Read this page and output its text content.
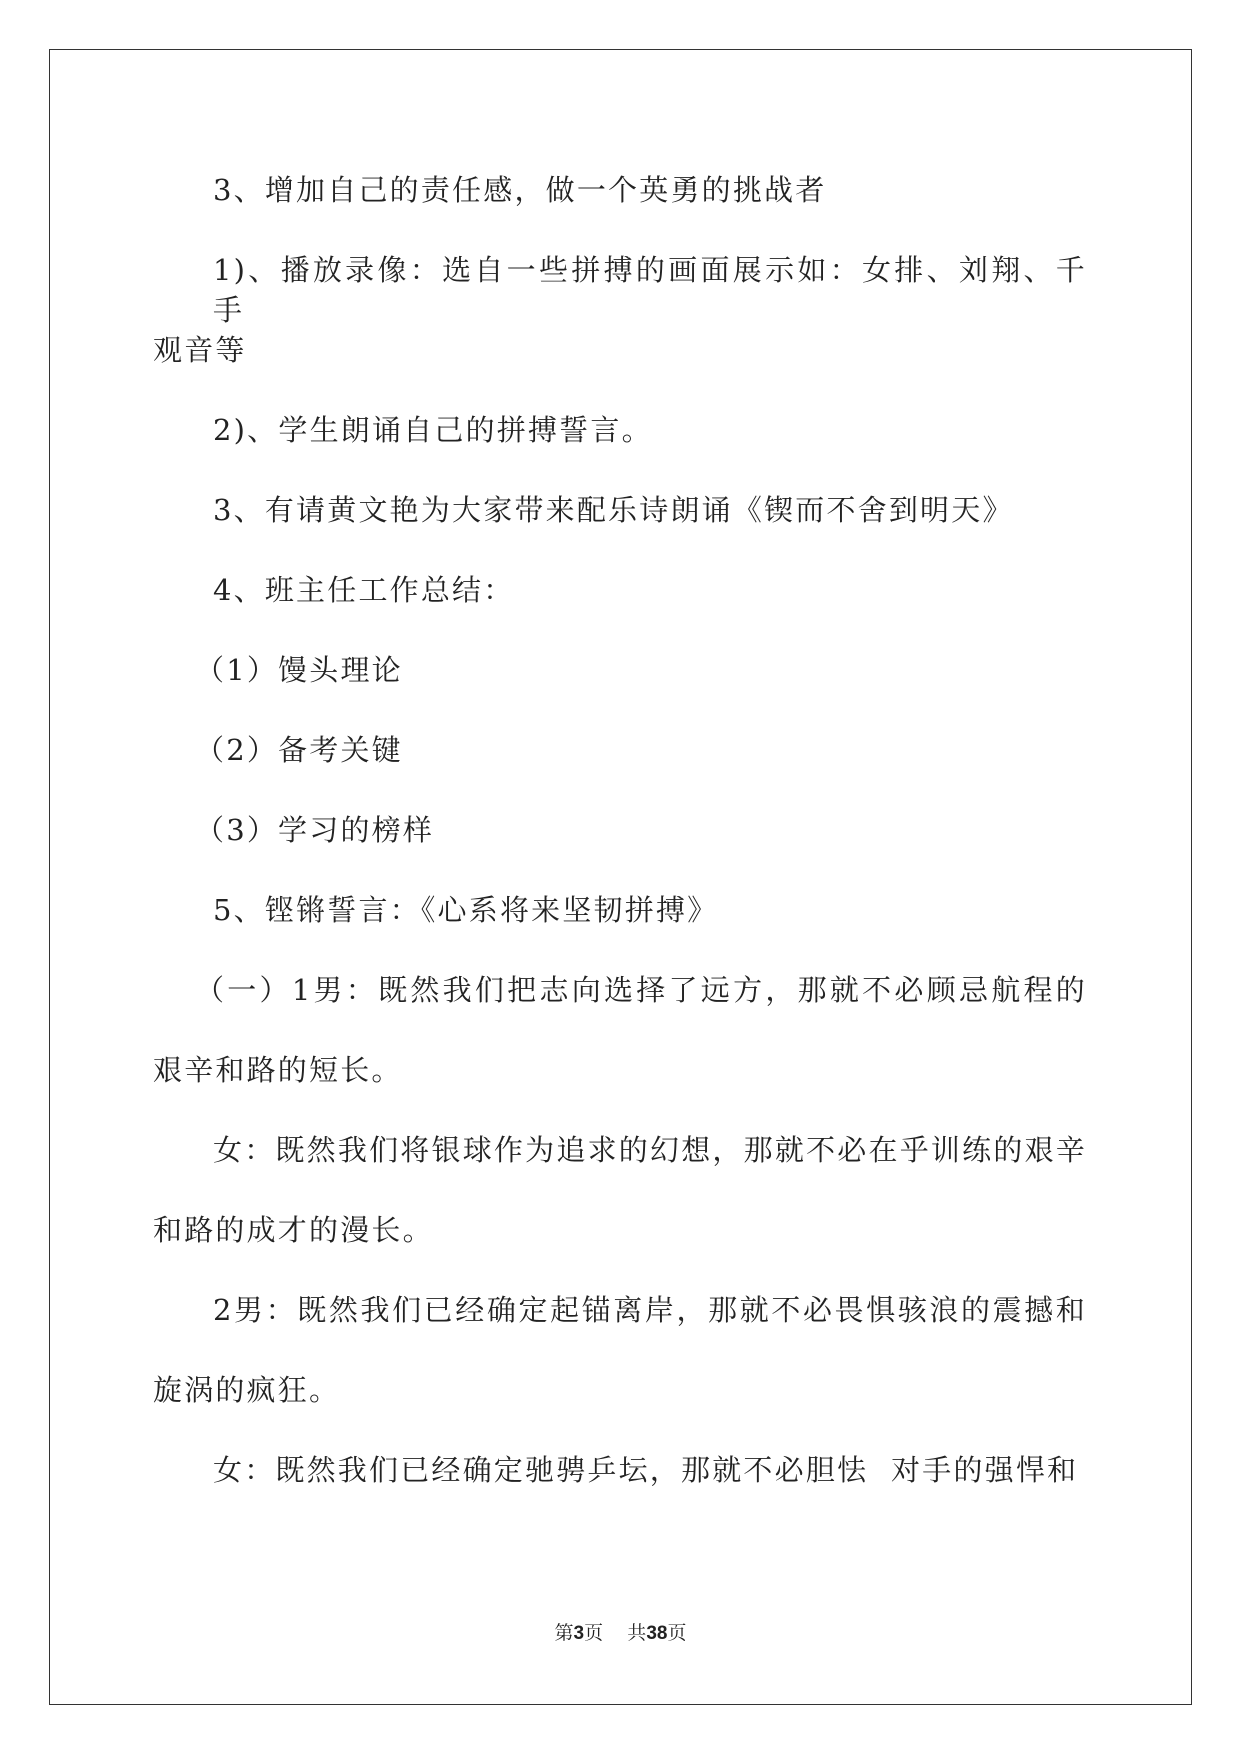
3、增加自己的责任感，做一个英勇的挑战者
1)、播放录像：选自一些拼搏的画面展示如：女排、刘翔、千手
观音等
2)、学生朗诵自己的拼搏誓言。
3、有请黄文艳为大家带来配乐诗朗诵《锲而不舍到明天》
4、班主任工作总结：
（1）馒头理论
（2）备考关键
（3）学习的榜样
5、铿锵誓言：《心系将来坚韧拼搏》
（一）1男：既然我们把志向选择了远方，那就不必顾忌航程的
艰辛和路的短长。
女：既然我们将银球作为追求的幻想，那就不必在乎训练的艰辛
和路的成才的漫长。
2男：既然我们已经确定起锚离岸，那就不必畏惧骇浪的震撼和
旋涡的疯狂。
女：既然我们已经确定驰骋乒坛，那就不必胆怯  对手的强悍和
第3页 共38页
